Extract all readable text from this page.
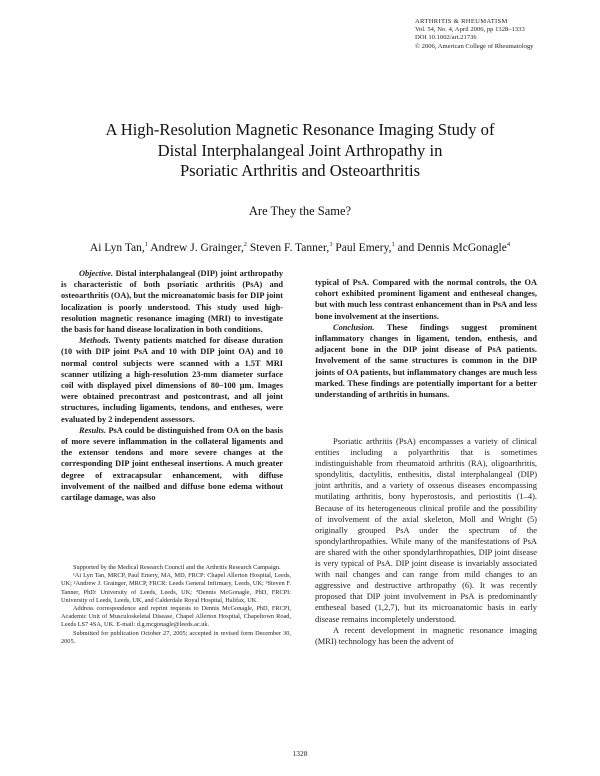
ARTHRITIS & RHEUMATISM
Vol. 54, No. 4, April 2006, pp 1328–1333
DOI 10.1002/art.21736
© 2006, American College of Rheumatology
A High-Resolution Magnetic Resonance Imaging Study of
Distal Interphalangeal Joint Arthropathy in
Psoriatic Arthritis and Osteoarthritis
Are They the Same?
Ai Lyn Tan,$^1$ Andrew J. Grainger,$^2$ Steven F. Tanner,$^3$ Paul Emery,$^1$ and Dennis McGonagle$^4$

Objective. Distal interphalangeal (DIP) joint arthropathy is characteristic of both psoriatic arthritis (PsA) and osteoarthritis (OA), but the microanatomic basis for DIP joint localization is poorly understood. This study used high-resolution magnetic resonance imaging (MRI) to investigate the basis for hand disease localization in both conditions.

Methods. Twenty patients matched for disease duration (10 with DIP joint PsA and 10 with DIP joint OA) and 10 normal control subjects were scanned with a 1.5T MRI scanner utilizing a high-resolution 23-mm diameter surface coil with displayed pixel dimensions of 80–100 μm. Images were obtained precontrast and postcontrast, and all joint structures, including ligaments, tendons, and entheses, were evaluated by 2 independent assessors.

Results. PsA could be distinguished from OA on the basis of more severe inflammation in the collateral ligaments and the extensor tendons and more severe changes at the corresponding DIP joint entheseal insertions. A much greater degree of extracapsular enhancement, with diffuse involvement of the nailbed and diffuse bone edema without cartilage damage, was also

typical of PsA. Compared with the normal controls, the OA cohort exhibited prominent ligament and entheseal changes, but with much less contrast enhancement than in PsA and less bone involvement at the insertions.

Conclusion. These findings suggest prominent inflammatory changes in ligament, tendon, enthesis, and adjacent bone in the DIP joint disease of PsA patients. Involvement of the same structures is common in the DIP joints of OA patients, but inflammatory changes are much less marked. These findings are potentially important for a better understanding of arthritis in humans.

Psoriatic arthritis (PsA) encompasses a variety of clinical entities including a polyarthritis that is sometimes indistinguishable from rheumatoid arthritis (RA), oligoarthritis, spondylitis, dactylitis, enthesitis, distal interphalangeal (DIP) joint arthritis, and a variety of osseous diseases encompassing mutilating arthritis, bony hyperostosis, and periostitis (1–4). Because of its heterogeneous clinical profile and the possibility of involvement of the axial skeleton, Moll and Wright (5) originally grouped PsA under the spectrum of the spondylarthropathies. While many of the manifestations of PsA are shared with the other spondylarthropathies, DIP joint disease is very typical of PsA. DIP joint disease is invariably associated with nail changes and can range from mild changes to an aggressive and destructive arthropathy (6). It was recently proposed that DIP joint involvement in PsA is predominantly entheseal based (1,2,7), but its microanatomic basis in early disease remains incompletely understood.

A recent development in magnetic resonance imaging (MRI) technology has been the advent of

Supported by the Medical Research Council and the Arthritis Research Campaign.

¹Ai Lyn Tan, MRCP, Paul Emery, MA, MD, FRCP: Chapel Allerton Hospital, Leeds, UK; ²Andrew J. Grainger, MRCP, FRCR: Leeds General Infirmary, Leeds, UK; ³Steven F. Tanner, PhD: University of Leeds, Leeds, UK; ⁴Dennis McGonagle, PhD, FRCPI: University of Leeds, Leeds, UK, and Calderdale Royal Hospital, Halifax, UK.

Address correspondence and reprint requests to Dennis McGonagle, PhD, FRCPI, Academic Unit of Musculoskeletal Disease, Chapel Allerton Hospital, Chapeltown Road, Leeds LS7 4SA, UK. E-mail: d.g.mcgonagle@leeds.ac.uk.

Submitted for publication October 27, 2005; accepted in revised form December 30, 2005.

1328
